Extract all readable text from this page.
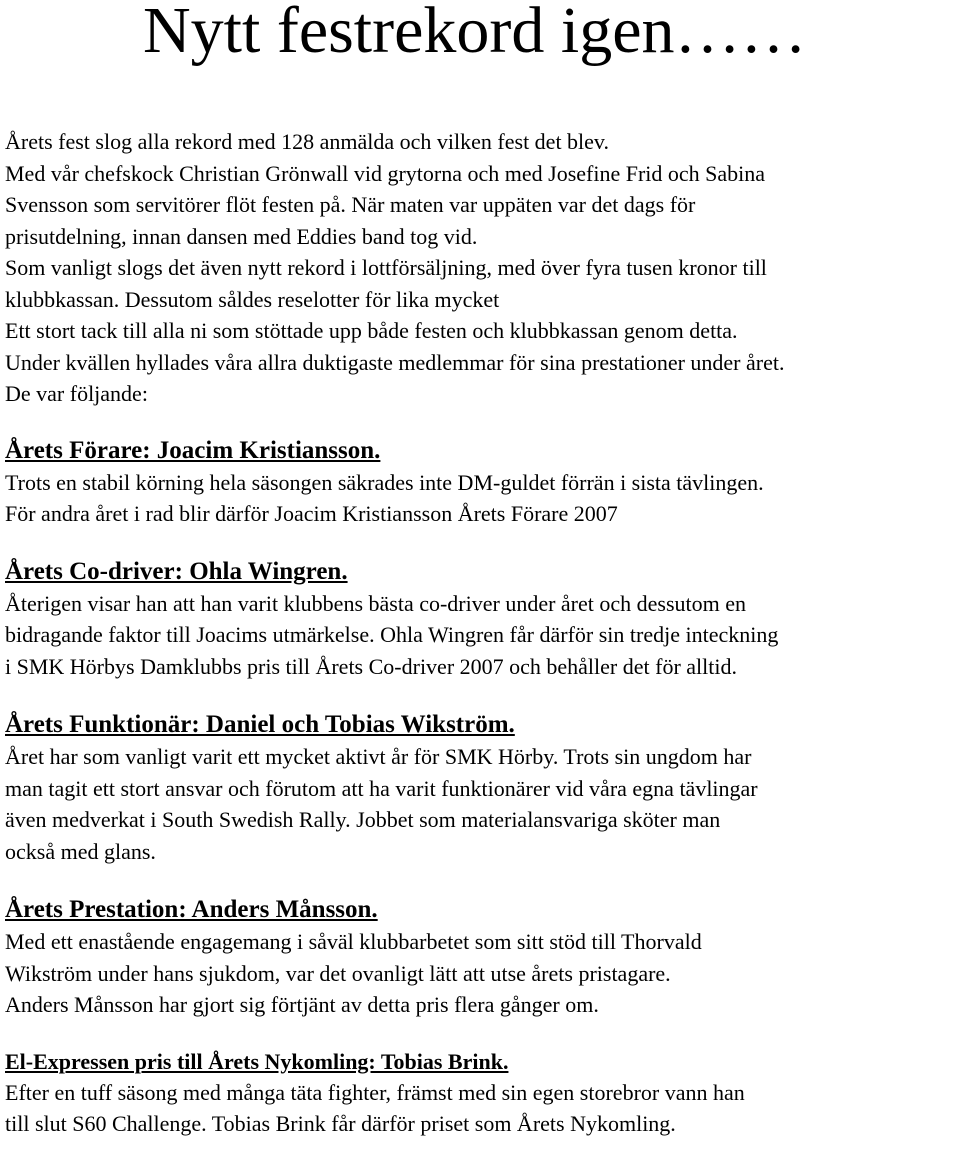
Nytt festrekord igen……
Årets fest slog alla rekord med 128 anmälda och vilken fest det blev.
Med vår chefskock Christian Grönwall vid grytorna och med Josefine Frid och Sabina
Svensson som servitörer flöt festen på. När maten var uppäten var det dags för
prisutdelning, innan dansen med Eddies band tog vid.
Som vanligt slogs det även nytt rekord i lottförsäljning, med över fyra tusen kronor till
klubbkassan. Dessutom såldes reselotter för lika mycket
Ett stort tack till alla ni som stöttade upp både festen och klubbkassan genom detta.
Under kvällen hyllades våra allra duktigaste medlemmar för sina prestationer under året.
De var följande:
Årets Förare: Joacim Kristiansson.
Trots en stabil körning hela säsongen säkrades inte DM-guldet förrän i sista tävlingen.
För andra året i rad blir därför Joacim Kristiansson Årets Förare 2007
Årets Co-driver: Ohla Wingren.
Återigen visar han att han varit klubbens bästa co-driver under året och dessutom en
bidragande faktor till Joacims utmärkelse. Ohla Wingren får därför sin tredje inteckning
i SMK Hörbys Damklubbs pris till Årets Co-driver 2007 och behåller det för alltid.
Årets Funktionär: Daniel och Tobias Wikström.
Året har som vanligt varit ett mycket aktivt år för SMK Hörby. Trots sin ungdom har
man tagit ett stort ansvar och förutom att ha varit funktionärer vid våra egna tävlingar
även medverkat i South Swedish Rally. Jobbet som materialansvariga sköter man
också med glans.
Årets Prestation: Anders Månsson.
Med ett enastående engagemang i såväl klubbarbetet som sitt stöd till Thorvald
Wikström under hans sjukdom, var det ovanligt lätt att utse årets pristagare.
Anders Månsson har gjort sig förtjänt av detta pris flera gånger om.
El-Expressen pris till Årets Nykomling: Tobias Brink.
Efter en tuff säsong med många täta fighter, främst med sin egen storebror vann han
till slut S60 Challenge. Tobias Brink får därför priset som Årets Nykomling.
